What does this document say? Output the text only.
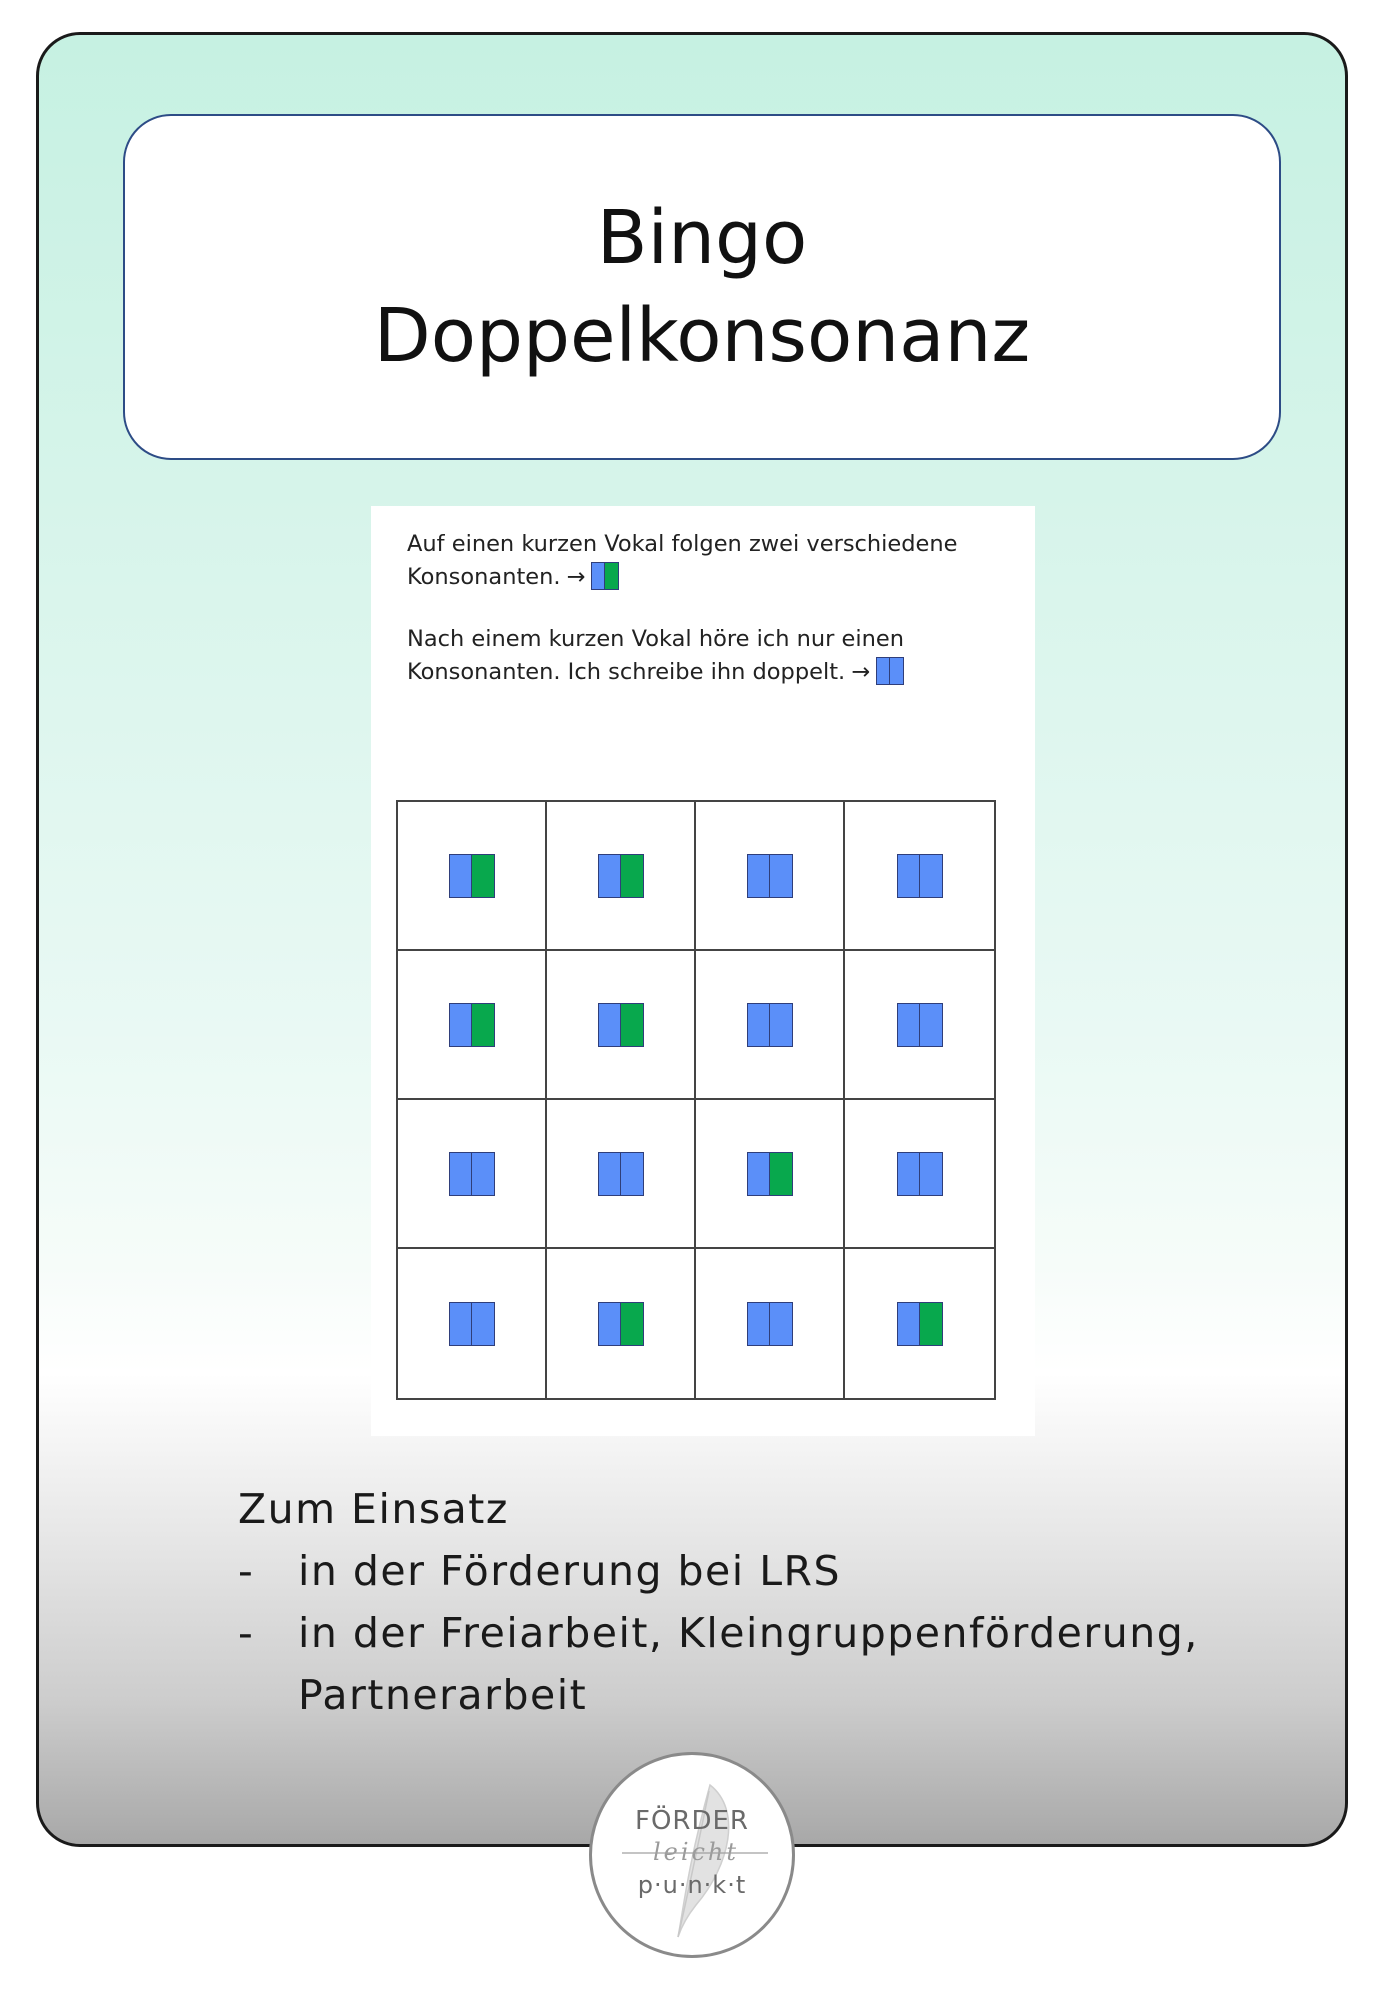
Bingo
Doppelkonsonanz
Auf einen kurzen Vokal folgen zwei verschiedene
Konsonanten. →
Nach einem kurzen Vokal höre ich nur einen
Konsonanten. Ich schreibe ihn doppelt. →
Zum Einsatz
-	in der Förderung bei LRS
-	in der Freiarbeit, Kleingruppenförderung,
Partnerarbeit
FÖRDER
leicht
p·u·n·k·t
